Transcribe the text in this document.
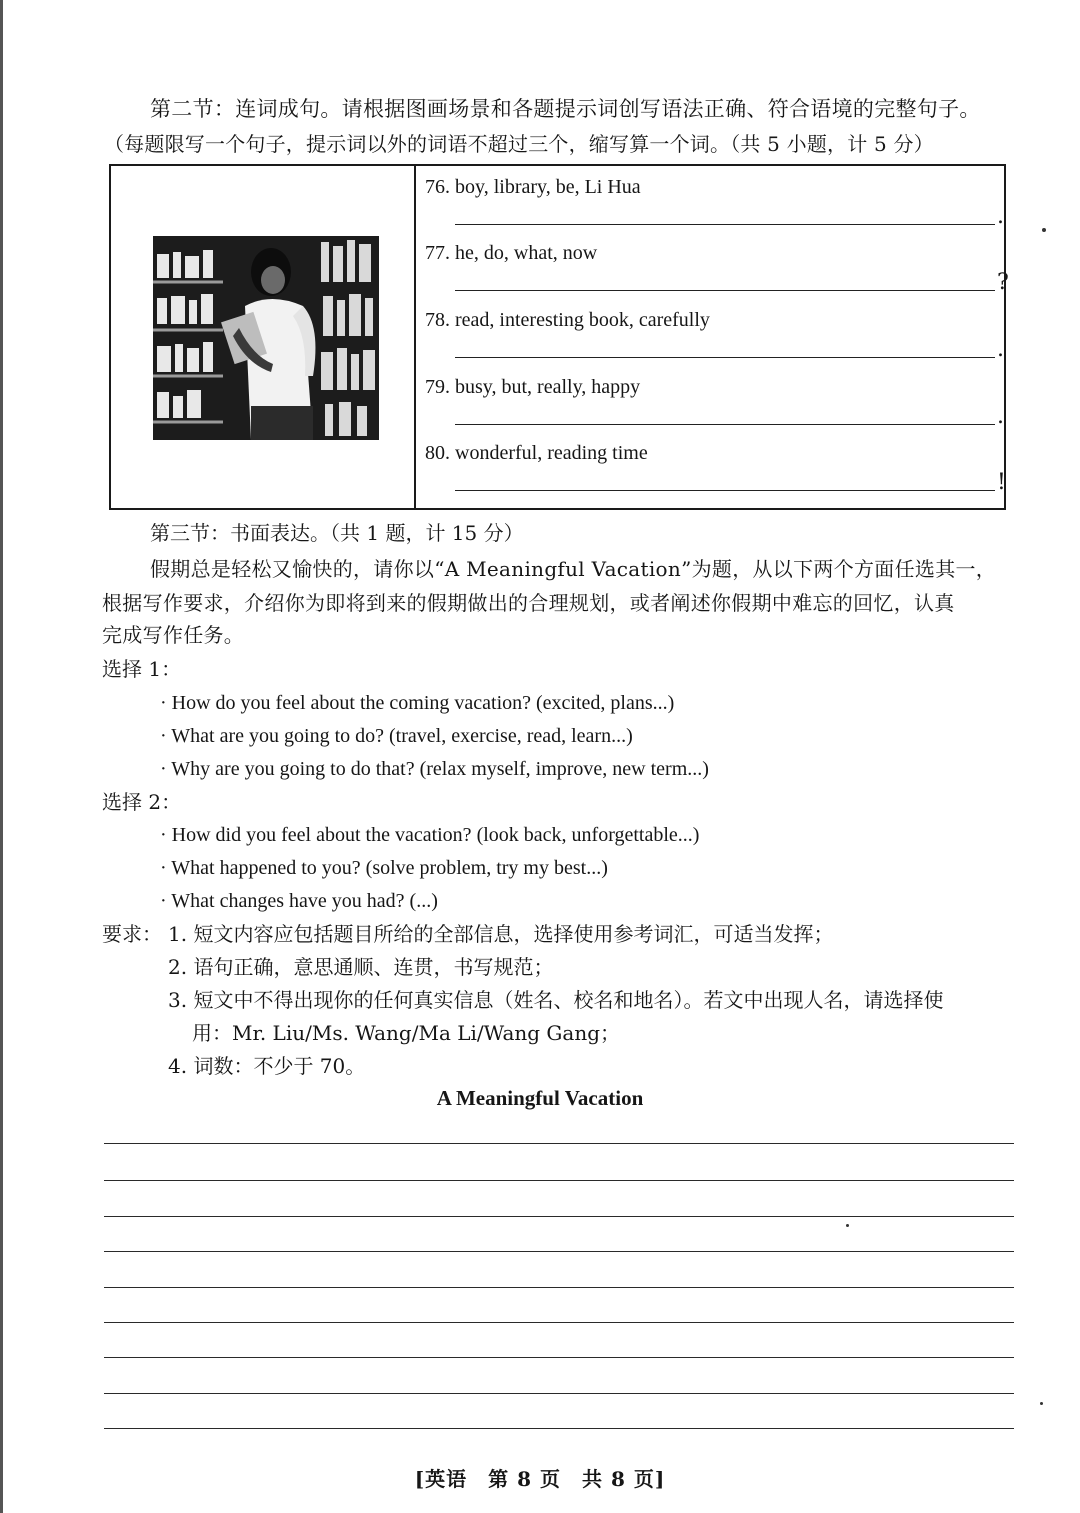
第二节：连词成句。请根据图画场景和各题提示词创写语法正确、符合语境的完整句子。
（每题限写一个句子，提示词以外的词语不超过三个，缩写算一个词。（共 5 小题，计 5 分）
76. boy, library, be, Li Hua
.
77. he, do, what, now
?
78. read, interesting book, carefully
.
79. busy, but, really, happy
.
80. wonderful, reading time
!
第三节：书面表达。（共 1 题，计 15 分）
假期总是轻松又愉快的，请你以“A Meaningful Vacation”为题，从以下两个方面任选其一，
根据写作要求，介绍你为即将到来的假期做出的合理规划，或者阐述你假期中难忘的回忆，认真
完成写作任务。
选择 1：
· How do you feel about the coming vacation? (excited, plans...)
· What are you going to do? (travel, exercise, read, learn...)
· Why are you going to do that? (relax myself, improve, new term...)
选择 2：
· How did you feel about the vacation? (look back, unforgettable...)
· What happened to you? (solve problem, try my best...)
· What changes have you had? (...)
要求： 1. 短文内容应包括题目所给的全部信息，选择使用参考词汇，可适当发挥；
2. 语句正确，意思通顺、连贯，书写规范；
3. 短文中不得出现你的任何真实信息（姓名、校名和地名）。若文中出现人名，请选择使
用：Mr. Liu/Ms. Wang/Ma Li/Wang Gang；
4. 词数：不少于 70。
A Meaningful Vacation
[英语　第 8 页　共 8 页]
